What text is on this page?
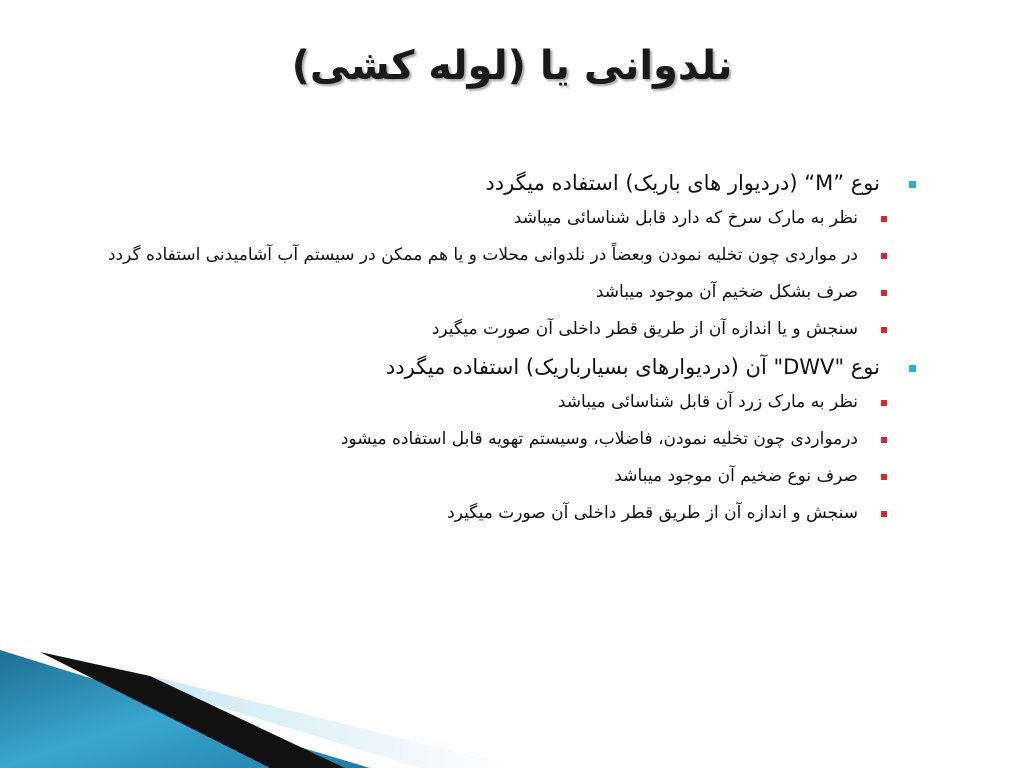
نلدوانی یا (لوله کشی)
نوع ”M“ (دردیوار های باریک) استفاده میگردد
نظر به مارک سرخ که دارد قابل شناسائی میباشد
در مواردی چون تخلیه نمودن وبعضاً در نلدوانی محلات و یا هم ممکن در سیستم آب آشامیدنی استفاده گردد
صرف بشکل ضخیم آن موجود میباشد
سنجش و یا اندازه آن از طریق قطر داخلی آن صورت میگیرد
نوع "DWV" آن (دردیوارهای بسیارباریک) استفاده میگردد
نظر به مارک زرد آن قابل شناسائی میباشد
درمواردی چون تخلیه نمودن، فاضلاب، وسیستم تهویه قابل استفاده میشود
صرف نوع ضخیم آن موجود میباشد
سنجش و اندازه آن از طریق قطر داخلی آن صورت میگیرد
